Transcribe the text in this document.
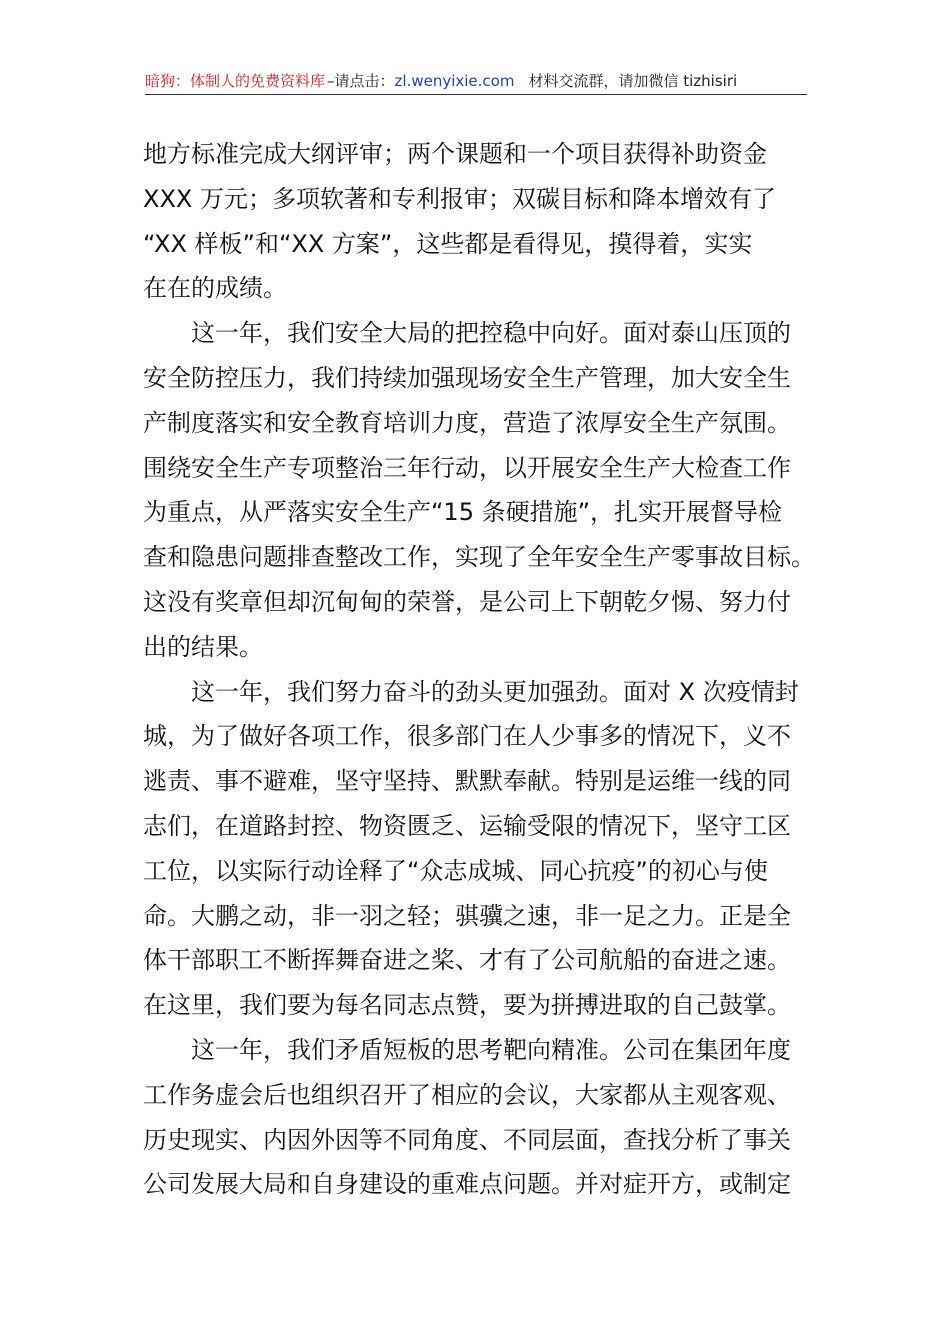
暗狗：体制人的免费资料库 –请点击：zl.wenyixie.com 材料交流群，请加微信 tizhisiri
地方标准完成大纲评审；两个课题和一个项目获得补助资金
XXX 万元；多项软著和专利报审；双碳目标和降本增效有了
“XX 样板”和“XX 方案”，这些都是看得见，摸得着，实实
在在的成绩。
　　这一年，我们安全大局的把控稳中向好。面对泰山压顶的
安全防控压力，我们持续加强现场安全生产管理，加大安全生
产制度落实和安全教育培训力度，营造了浓厚安全生产氛围。
围绕安全生产专项整治三年行动，以开展安全生产大检查工作
为重点，从严落实安全生产“15 条硬措施”，扎实开展督导检
查和隐患问题排查整改工作，实现了全年安全生产零事故目标。
这没有奖章但却沉甸甸的荣誉，是公司上下朝乾夕惕、努力付
出的结果。
　　这一年，我们努力奋斗的劲头更加强劲。面对 X 次疫情封
城，为了做好各项工作，很多部门在人少事多的情况下，义不
逃责、事不避难，坚守坚持、默默奉献。特别是运维一线的同
志们，在道路封控、物资匮乏、运输受限的情况下，坚守工区
工位，以实际行动诠释了“众志成城、同心抗疫”的初心与使
命。大鹏之动，非一羽之轻；骐骥之速，非一足之力。正是全
体干部职工不断挥舞奋进之桨、才有了公司航船的奋进之速。
在这里，我们要为每名同志点赞，要为拼搏进取的自己鼓掌。
　　这一年，我们矛盾短板的思考靶向精准。公司在集团年度
工作务虚会后也组织召开了相应的会议，大家都从主观客观、
历史现实、内因外因等不同角度、不同层面，查找分析了事关
公司发展大局和自身建设的重难点问题。并对症开方，或制定
